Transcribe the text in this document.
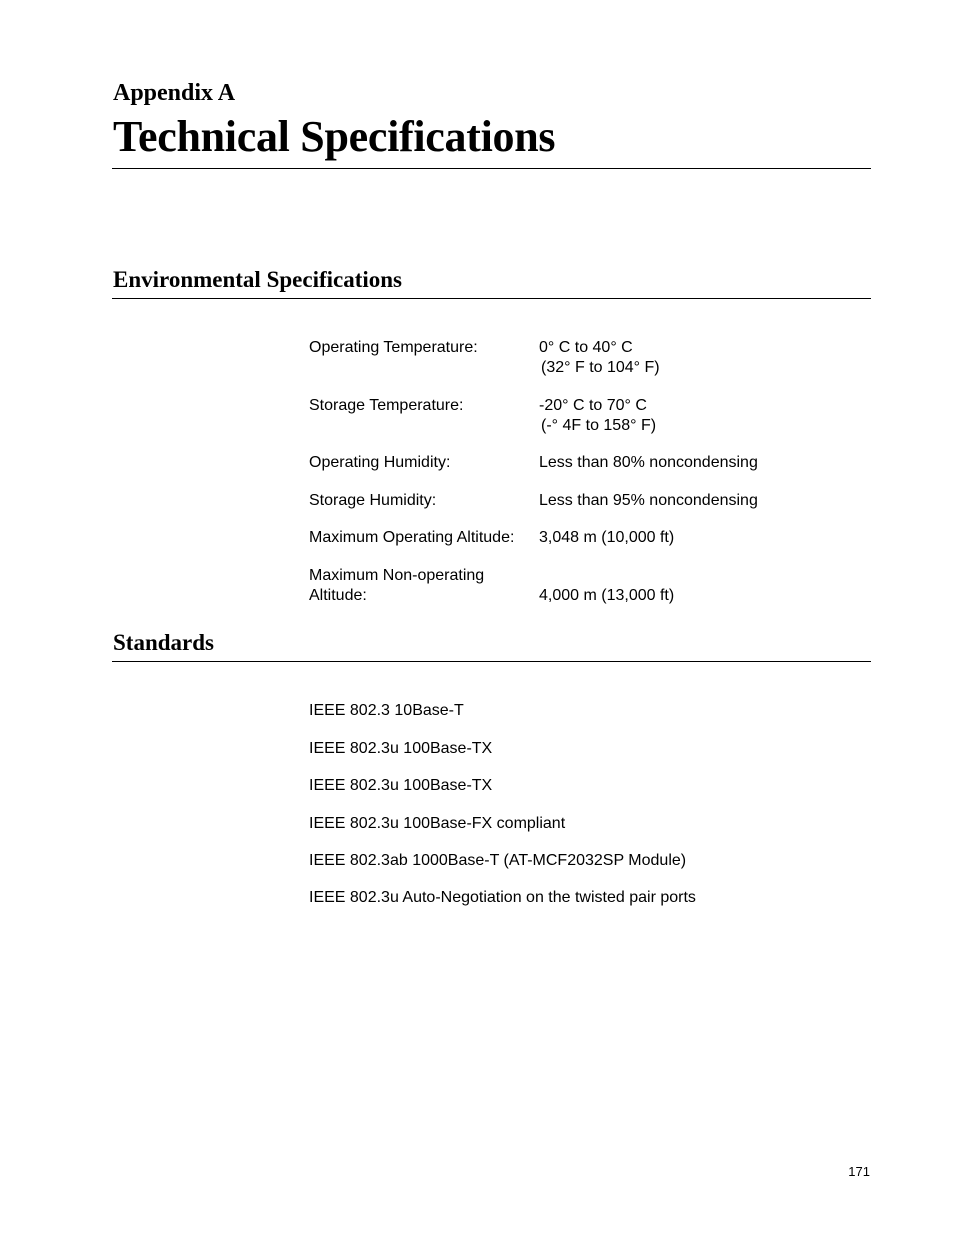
Appendix A
Technical Specifications
Environmental Specifications
Operating Temperature:	0° C to 40° C
(32° F to 104° F)
Storage Temperature:	-20° C to 70° C
(-° 4F to 158° F)
Operating Humidity:	Less than 80% noncondensing
Storage Humidity:	Less than 95% noncondensing
Maximum Operating Altitude:	3,048 m (10,000 ft)
Maximum Non-operating
Altitude:	4,000 m (13,000 ft)
Standards
IEEE 802.3 10Base-T
IEEE 802.3u 100Base-TX
IEEE 802.3u 100Base-TX
IEEE 802.3u 100Base-FX compliant
IEEE 802.3ab 1000Base-T (AT-MCF2032SP Module)
IEEE 802.3u Auto-Negotiation on the twisted pair ports
171
